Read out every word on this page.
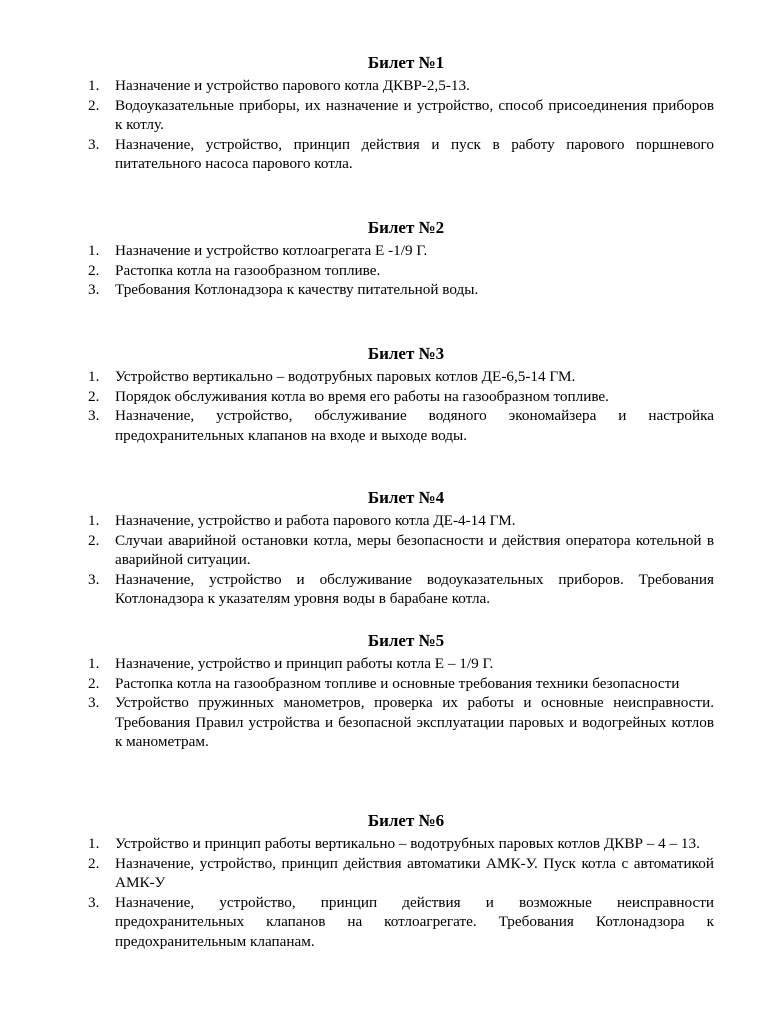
Билет №1
1. Назначение и устройство парового котла ДКВР-2,5-13.
2. Водоуказательные приборы, их назначение и устройство, способ присоединения приборов к котлу.
3. Назначение, устройство, принцип действия и пуск в работу парового поршневого питательного насоса парового котла.
Билет №2
1. Назначение и устройство котлоагрегата Е -1/9 Г.
2. Растопка котла на газообразном топливе.
3. Требования Котлонадзора к качеству питательной воды.
Билет №3
1. Устройство вертикально – водотрубных паровых котлов ДЕ-6,5-14 ГМ.
2. Порядок обслуживания котла во время его работы на газообразном топливе.
3. Назначение, устройство, обслуживание водяного экономайзера и настройка предохранительных клапанов на входе и выходе воды.
Билет №4
1. Назначение, устройство и работа парового котла ДЕ-4-14 ГМ.
2. Случаи аварийной остановки котла, меры безопасности и действия оператора котельной в аварийной ситуации.
3. Назначение, устройство и обслуживание водоуказательных приборов. Требования Котлонадзора к указателям уровня воды в барабане котла.
Билет №5
1. Назначение, устройство и принцип работы котла Е – 1/9 Г.
2. Растопка котла на газообразном топливе и основные требования техники безопасности
3. Устройство пружинных манометров, проверка их работы и основные неисправности. Требования Правил устройства и безопасной эксплуатации паровых и водогрейных котлов к манометрам.
Билет №6
1. Устройство и принцип работы вертикально – водотрубных паровых котлов ДКВР – 4 – 13.
2. Назначение, устройство, принцип действия автоматики АМК-У. Пуск котла с автоматикой АМК-У
3. Назначение, устройство, принцип действия и возможные неисправности предохранительных клапанов на котлоагрегате. Требования Котлонадзора к предохранительным клапанам.
